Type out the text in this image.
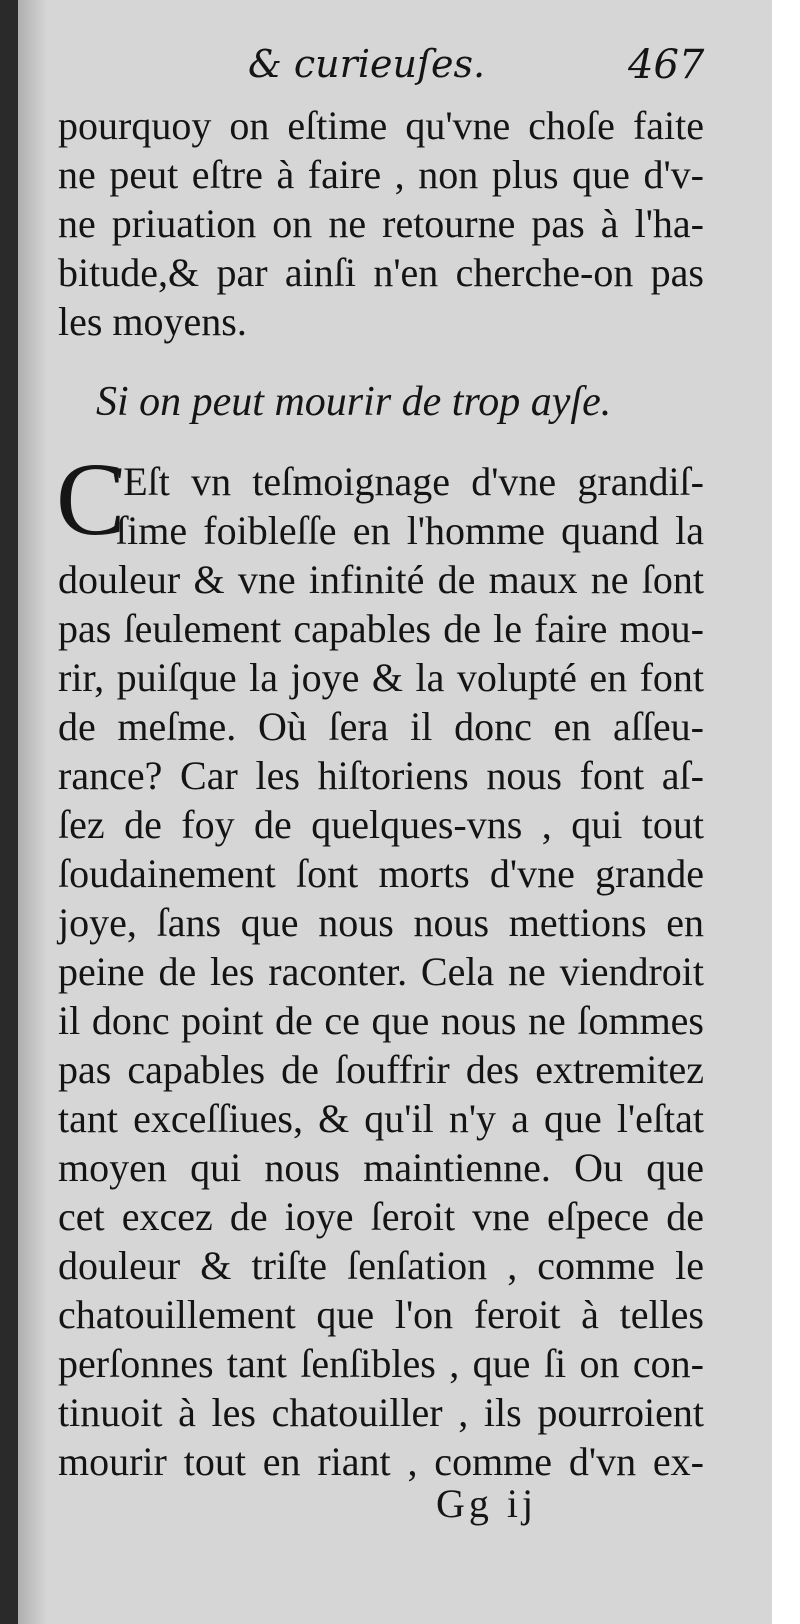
& curieuſes.	467
pourquoy on eſtime qu'vne choſe faite
ne peut eſtre à faire , non plus que d'v-
ne priuation on ne retourne pas à l'ha-
bitude,& par ainſi n'en cherche-on pas
les moyens.
Si on peut mourir de trop ayſe.
C
'Eſt vn teſmoignage d'vne grandiſ-
ſime foibleſſe en l'homme quand la
douleur & vne infinité de maux ne ſont
pas ſeulement capables de le faire mou-
rir, puiſque la joye & la volupté en font
de meſme. Où ſera il donc en aſſeu-
rance? Car les hiſtoriens nous font aſ-
ſez de foy de quelques-vns , qui tout
ſoudainement ſont morts d'vne grande
joye, ſans que nous nous mettions en
peine de les raconter. Cela ne viendroit
il donc point de ce que nous ne ſommes
pas capables de ſouffrir des extremitez
tant exceſſiues, & qu'il n'y a que l'eſtat
moyen qui nous maintienne. Ou que
cet excez de ioye ſeroit vne eſpece de
douleur & triſte ſenſation , comme le
chatouillement que l'on feroit à telles
perſonnes tant ſenſibles , que ſi on con-
tinuoit à les chatouiller , ils pourroient
mourir tout en riant , comme d'vn ex-
Gg ij
